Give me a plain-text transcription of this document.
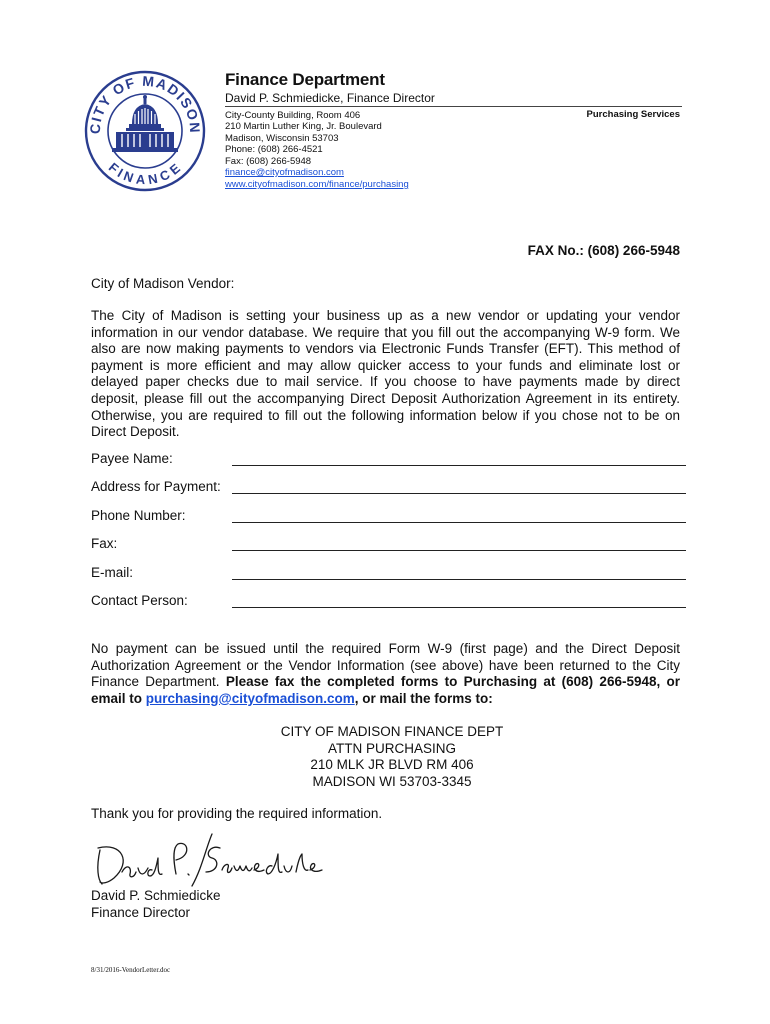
CITY OF MADISON
FINANCE
Finance Department
David P. Schmiedicke, Finance Director
City-County Building, Room 406
210 Martin Luther King, Jr. Boulevard
Madison, Wisconsin 53703
Phone: (608) 266-4521
Fax: (608) 266-5948
finance@cityofmadison.com
www.cityofmadison.com/finance/purchasing
Purchasing Services
FAX No.: (608) 266-5948
City of Madison Vendor:

The City of Madison is setting your business up as a new vendor or updating your vendor information in our vendor database. We require that you fill out the accompanying W-9 form. We also are now making payments to vendors via Electronic Funds Transfer (EFT). This method of payment is more efficient and may allow quicker access to your funds and eliminate lost or delayed paper checks due to mail service. If you choose to have payments made by direct deposit, please fill out the accompanying Direct Deposit Authorization Agreement in its entirety. Otherwise, you are required to fill out the following information below if you chose not to be on Direct Deposit.

Payee Name:
Address for Payment:
Phone Number:
Fax:
E-mail:
Contact Person:

No payment can be issued until the required Form W-9 (first page) and the Direct Deposit Authorization Agreement or the Vendor Information (see above) have been returned to the City Finance Department. Please fax the completed forms to Purchasing at (608) 266-5948, or email to purchasing@cityofmadison.com, or mail the forms to:

CITY OF MADISON FINANCE DEPT
ATTN PURCHASING
210 MLK JR BLVD RM 406
MADISON WI 53703-3345
Thank you for providing the required information.
David P. Schmiedicke
Finance Director
8/31/2016-VendorLetter.doc
